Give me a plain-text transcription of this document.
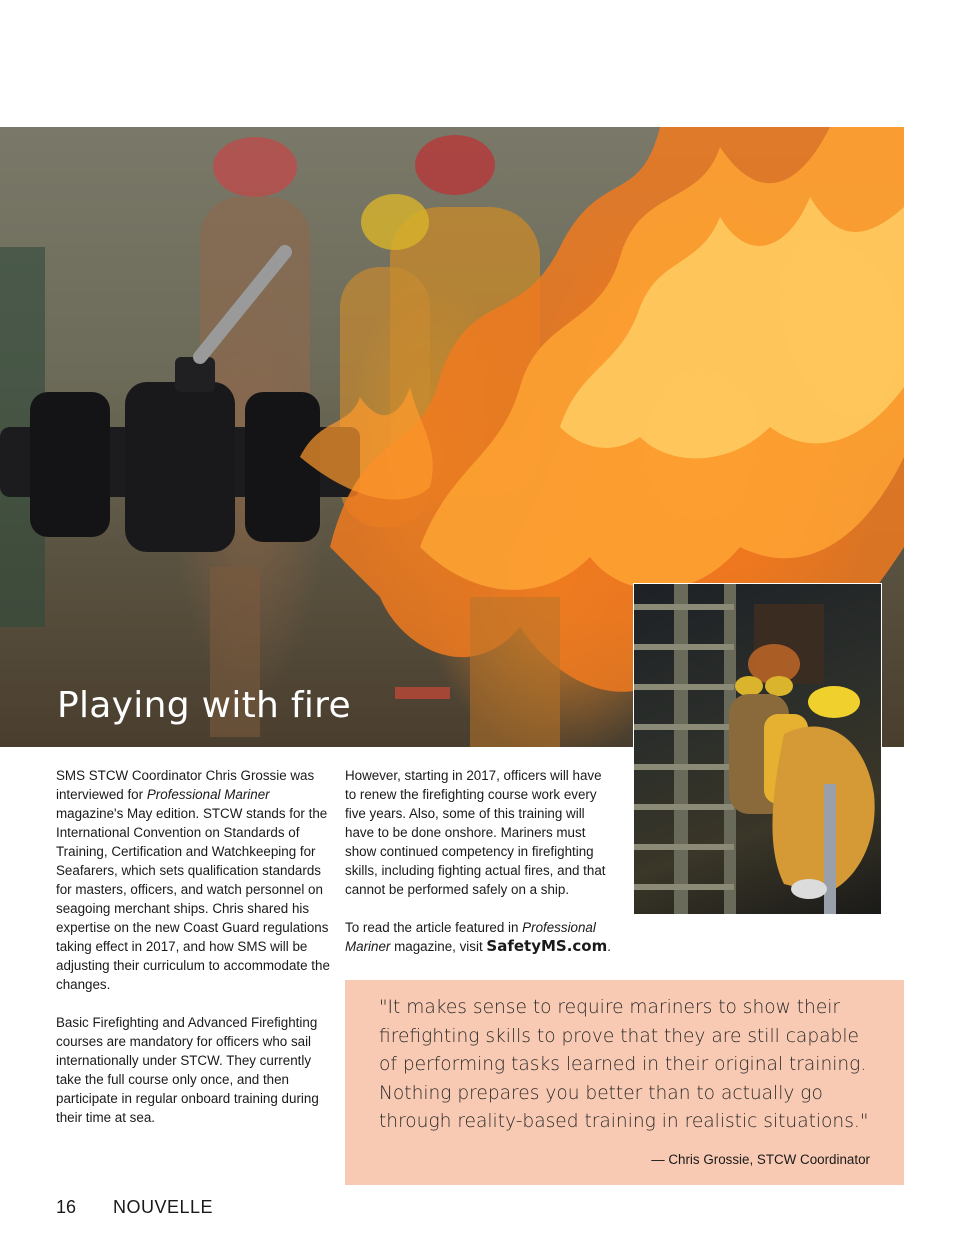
Playing with fire

SMS STCW Coordinator Chris Grossie was interviewed for Professional Mariner magazine's May edition. STCW stands for the International Convention on Standards of Training, Certification and Watchkeeping for Seafarers, which sets qualification standards for masters, officers, and watch personnel on seagoing merchant ships. Chris shared his expertise on the new Coast Guard regulations taking effect in 2017, and how SMS will be adjusting their curriculum to accommodate the changes.

Basic Firefighting and Advanced Firefighting courses are mandatory for officers who sail internationally under STCW. They currently take the full course only once, and then participate in regular onboard training during their time at sea.

However, starting in 2017, officers will have to renew the firefighting course work every five years. Also, some of this training will have to be done onshore. Mariners must show continued competency in firefighting skills, including fighting actual fires, and that cannot be performed safely on a ship.

To read the article featured in Professional Mariner magazine, visit SafetyMS.com.

"It makes sense to require mariners to show their firefighting skills to prove that they are still capable of performing tasks learned in their original training. Nothing prepares you better than to actually go through reality-based training in realistic situations."
— Chris Grossie, STCW Coordinator
16 NOUVELLE
